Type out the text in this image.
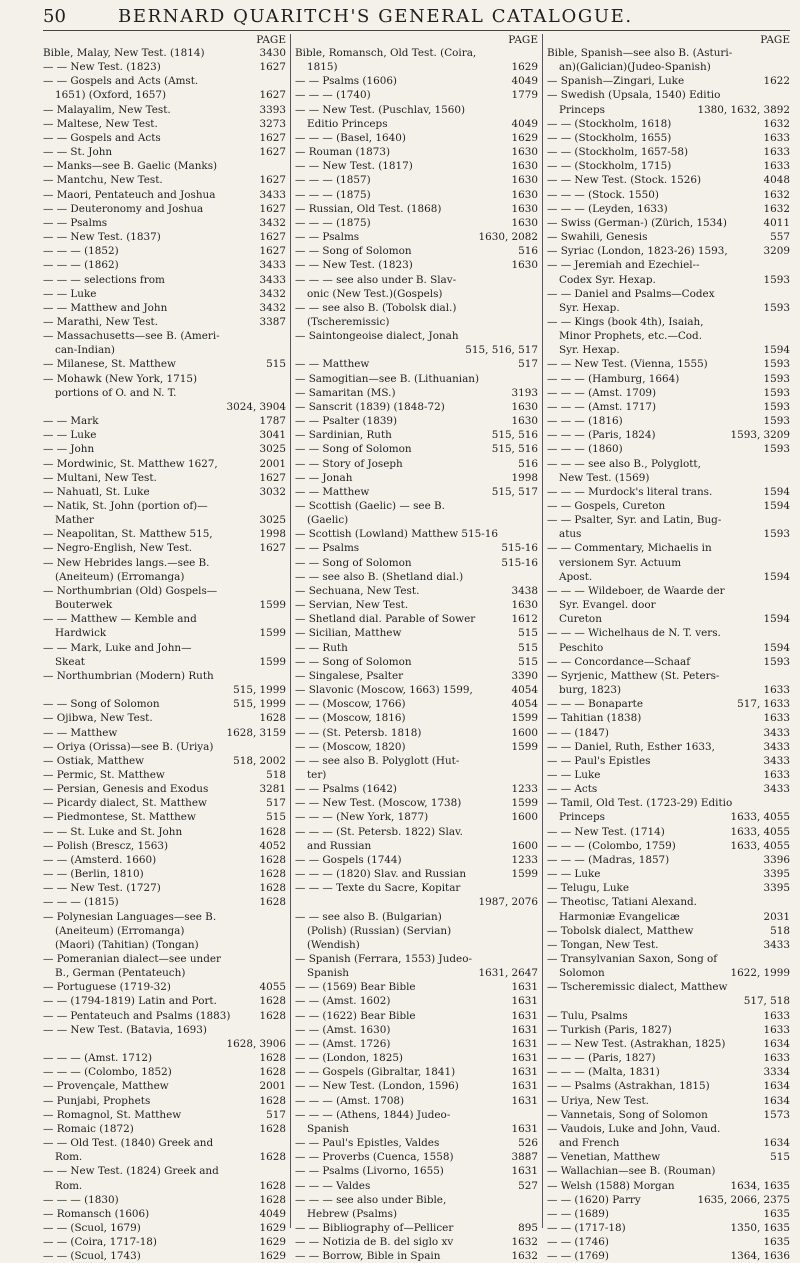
50	BERNARD QUARITCH'S GENERAL CATALOGUE.
PAGE
Bible, Malay, New Test. (1814)	3430
— — New Test. (1823)	1627
— — Gospels and Acts (Amst.
1651) (Oxford, 1657)	1627
— Malayalim, New Test.	3393
— Maltese, New Test.	3273
— — Gospels and Acts	1627
— — St. John	1627
— Manks—see B. Gaelic (Manks)
— Mantchu, New Test.	1627
— Maori, Pentateuch and Joshua	3433
— — Deuteronomy and Joshua	1627
— — Psalms	3432
— — New Test. (1837)	1627
— — — (1852)	1627
— — — (1862)	3433
— — — selections from	3433
— — Luke	3432
— — Matthew and John	3432
— Marathi, New Test.	3387
— Massachusetts—see B. (Ameri-
can-Indian)
— Milanese, St. Matthew	515
— Mohawk (New York, 1715)
portions of O. and N. T.
3024, 3904
— — Mark	1787
— — Luke	3041
— — John	3025
— Mordwinic, St. Matthew 1627,	2001
— Multani, New Test.	1627
— Nahuatl, St. Luke	3032
— Natik, St. John (portion of)—
Mather	3025
— Neapolitan, St. Matthew 515,	1998
— Negro-English, New Test.	1627
— New Hebrides langs.—see B.
(Aneiteum) (Erromanga)
— Northumbrian (Old) Gospels—
Bouterwek	1599
— — Matthew — Kemble and
Hardwick	1599
— — Mark, Luke and John—
Skeat	1599
— Northumbrian (Modern) Ruth
515, 1999
— — Song of Solomon	515, 1999
— Ojibwa, New Test.	1628
— — Matthew	1628, 3159
— Oriya (Orissa)—see B. (Uriya)
— Ostiak, Matthew	518, 2002
— Permic, St. Matthew	518
— Persian, Genesis and Exodus	3281
— Picardy dialect, St. Matthew	517
— Piedmontese, St. Matthew	515
— — St. Luke and St. John	1628
— Polish (Brescz, 1563)	4052
— — (Amsterd. 1660)	1628
— — (Berlin, 1810)	1628
— — New Test. (1727)	1628
— — — (1815)	1628
— Polynesian Languages—see B.
(Aneiteum) (Erromanga)
(Maori) (Tahitian) (Tongan)
— Pomeranian dialect—see under
B., German (Pentateuch)
— Portuguese (1719-32)	4055
— — (1794-1819) Latin and Port.	1628
— — Pentateuch and Psalms (1883)	1628
— — New Test. (Batavia, 1693)
1628, 3906
— — — (Amst. 1712)	1628
— — — (Colombo, 1852)	1628
— Provençale, Matthew	2001
— Punjabi, Prophets	1628
— Romagnol, St. Matthew	517
— Romaic (1872)	1628
— — Old Test. (1840) Greek and
Rom.	1628
— — New Test. (1824) Greek and
Rom.	1628
— — — (1830)	1628
— Romansch (1606)	4049
— — (Scuol, 1679)	1629
— — (Coira, 1717-18)	1629
— — (Scuol, 1743)	1629
PAGE
Bible, Romansch, Old Test. (Coira,
1815)	1629
— — Psalms (1606)	4049
— — — (1740)	1779
— — New Test. (Puschlav, 1560)
Editio Princeps	4049
— — — (Basel, 1640)	1629
— Rouman (1873)	1630
— — New Test. (1817)	1630
— — — (1857)	1630
— — — (1875)	1630
— Russian, Old Test. (1868)	1630
— — — (1875)	1630
— — Psalms	1630, 2082
— — Song of Solomon	516
— — New Test. (1823)	1630
— — — see also under B. Slav-
onic (New Test.)(Gospels)
— — see also B. (Tobolsk dial.)
(Tscheremissic)
— Saintongeoise dialect, Jonah
515, 516, 517
— — Matthew	517
— Samogitian—see B. (Lithuanian)
— Samaritan (MS.)	3193
— Sanscrit (1839) (1848-72)	1630
— — Psalter (1839)	1630
— Sardinian, Ruth	515, 516
— — Song of Solomon	515, 516
— — Story of Joseph	516
— — Jonah	1998
— — Matthew	515, 517
— Scottish (Gaelic) — see B.
(Gaelic)
— Scottish (Lowland) Matthew 515-16
— — Psalms	515-16
— — Song of Solomon	515-16
— — see also B. (Shetland dial.)
— Sechuana, New Test.	3438
— Servian, New Test.	1630
— Shetland dial. Parable of Sower	1612
— Sicilian, Matthew	515
— — Ruth	515
— — Song of Solomon	515
— Singalese, Psalter	3390
— Slavonic (Moscow, 1663) 1599,	4054
— — (Moscow, 1766)	4054
— — (Moscow, 1816)	1599
— — (St. Petersb. 1818)	1600
— — (Moscow, 1820)	1599
— — see also B. Polyglott (Hut-
ter)
— — Psalms (1642)	1233
— — New Test. (Moscow, 1738)	1599
— — — (New York, 1877)	1600
— — — (St. Petersb. 1822) Slav.
and Russian	1600
— — Gospels (1744)	1233
— — — (1820) Slav. and Russian	1599
— — — Texte du Sacre, Kopitar
1987, 2076
— — see also B. (Bulgarian)
(Polish) (Russian) (Servian)
(Wendish)
— Spanish (Ferrara, 1553) Judeo-
Spanish	1631, 2647
— — (1569) Bear Bible	1631
— — (Amst. 1602)	1631
— — (1622) Bear Bible	1631
— — (Amst. 1630)	1631
— — (Amst. 1726)	1631
— — (London, 1825)	1631
— — Gospels (Gibraltar, 1841)	1631
— — New Test. (London, 1596)	1631
— — — (Amst. 1708)	1631
— — — (Athens, 1844) Judeo-
Spanish	1631
— — Paul's Epistles, Valdes	526
— — Proverbs (Cuenca, 1558)	3887
— — Psalms (Livorno, 1655)	1631
— — — Valdes	527
— — — see also under Bible,
Hebrew (Psalms)
— — Bibliography of—Pellicer	895
— — Notizia de B. del siglo xv	1632
— — Borrow, Bible in Spain	1632
PAGE
Bible, Spanish—see also B. (Asturi-
an)(Galician)(Judeo-Spanish)
— Spanish—Zingari, Luke	1622
— Swedish (Upsala, 1540) Editio
Princeps	1380, 1632, 3892
— — (Stockholm, 1618)	1632
— — (Stockholm, 1655)	1633
— — (Stockholm, 1657-58)	1633
— — (Stockholm, 1715)	1633
— — New Test. (Stock. 1526)	4048
— — — (Stock. 1550)	1632
— — — (Leyden, 1633)	1632
— Swiss (German-) (Zürich, 1534)	4011
— Swahili, Genesis	557
— Syriac (London, 1823-26) 1593,	3209
— — Jeremiah and Ezechiel--
Codex Syr. Hexap.	1593
— — Daniel and Psalms—Codex
Syr. Hexap.	1593
— — Kings (book 4th), Isaiah,
Minor Prophets, etc.—Cod.
Syr. Hexap.	1594
— — New Test. (Vienna, 1555)	1593
— — — (Hamburg, 1664)	1593
— — — (Amst. 1709)	1593
— — — (Amst. 1717)	1593
— — — (1816)	1593
— — — (Paris, 1824)	1593, 3209
— — — (1860)	1593
— — — see also B., Polyglott,
New Test. (1569)
— — — Murdock's literal trans.	1594
— — Gospels, Cureton	1594
— — Psalter, Syr. and Latin, Bug-
atus	1593
— — Commentary, Michaelis in
versionem Syr. Actuum
Apost.	1594
— — — Wildeboer, de Waarde der
Syr. Evangel. door
Cureton	1594
— — — Wichelhaus de N. T. vers.
Peschito	1594
— — Concordance—Schaaf	1593
— Syrjenic, Matthew (St. Peters-
burg, 1823)	1633
— — — Bonaparte	517, 1633
— Tahitian (1838)	1633
— — (1847)	3433
— — Daniel, Ruth, Esther 1633,	3433
— — Paul's Epistles	3433
— — Luke	1633
— — Acts	3433
— Tamil, Old Test. (1723-29) Editio
Princeps	1633, 4055
— — New Test. (1714)	1633, 4055
— — — (Colombo, 1759)	1633, 4055
— — — (Madras, 1857)	3396
— — Luke	3395
— Telugu, Luke	3395
— Theotisc, Tatiani Alexand.
Harmoniæ Evangelicæ	2031
— Tobolsk dialect, Matthew	518
— Tongan, New Test.	3433
— Transylvanian Saxon, Song of
Solomon	1622, 1999
— Tscheremissic dialect, Matthew
517, 518
— Tulu, Psalms	1633
— Turkish (Paris, 1827)	1633
— — New Test. (Astrakhan, 1825)	1634
— — — (Paris, 1827)	1633
— — — (Malta, 1831)	3334
— — Psalms (Astrakhan, 1815)	1634
— Uriya, New Test.	1634
— Vannetais, Song of Solomon	1573
— Vaudois, Luke and John, Vaud.
and French	1634
— Venetian, Matthew	515
— Wallachian—see B. (Rouman)
— Welsh (1588) Morgan	1634, 1635
— — (1620) Parry	1635, 2066, 2375
— — (1689)	1635
— — (1717-18)	1350, 1635
— — (1746)	1635
— — (1769)	1364, 1636
